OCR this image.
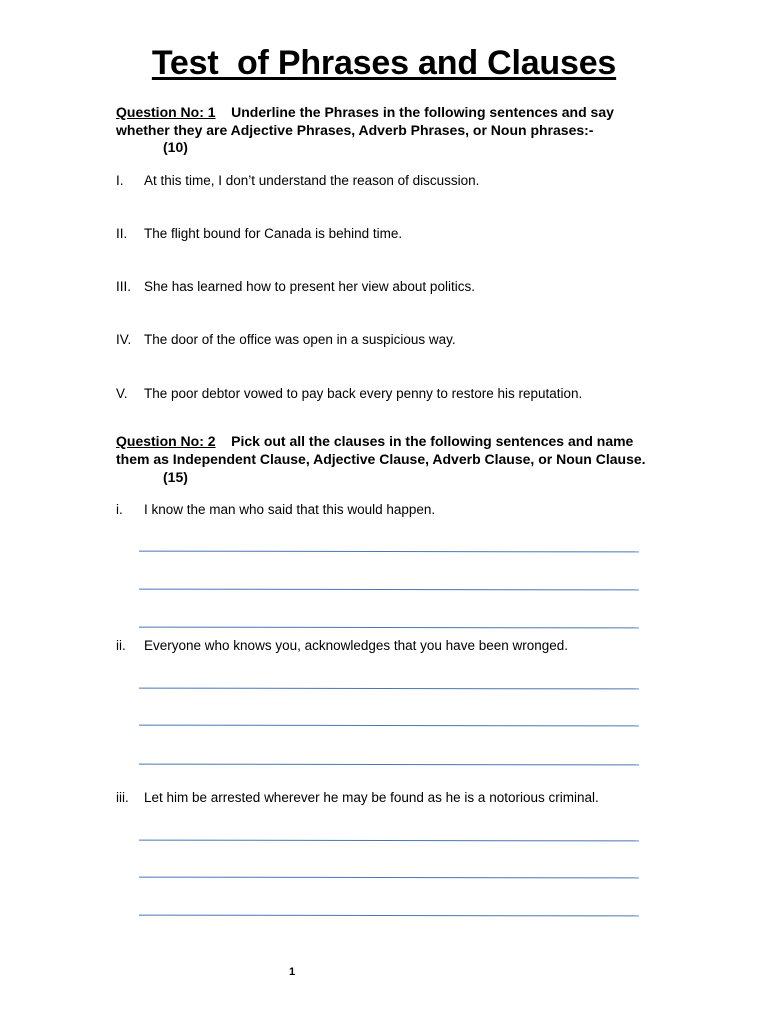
Test  of Phrases and Clauses
Question No: 1 Underline the Phrases in the following sentences and say whether they are Adjective Phrases, Adverb Phrases, or Noun phrases:-
(10)
I. At this time, I don’t understand the reason of discussion.
II. The flight bound for Canada is behind time.
III. She has learned how to present her view about politics.
IV. The door of the office was open in a suspicious way.
V. The poor debtor vowed to pay back every penny to restore his reputation.
Question No: 2 Pick out all the clauses in the following sentences and name them as Independent Clause, Adjective Clause, Adverb Clause, or Noun Clause.
(15)
i. I know the man who said that this would happen.
ii. Everyone who knows you, acknowledges that you have been wronged.
iii. Let him be arrested wherever he may be found as he is a notorious criminal.
1
